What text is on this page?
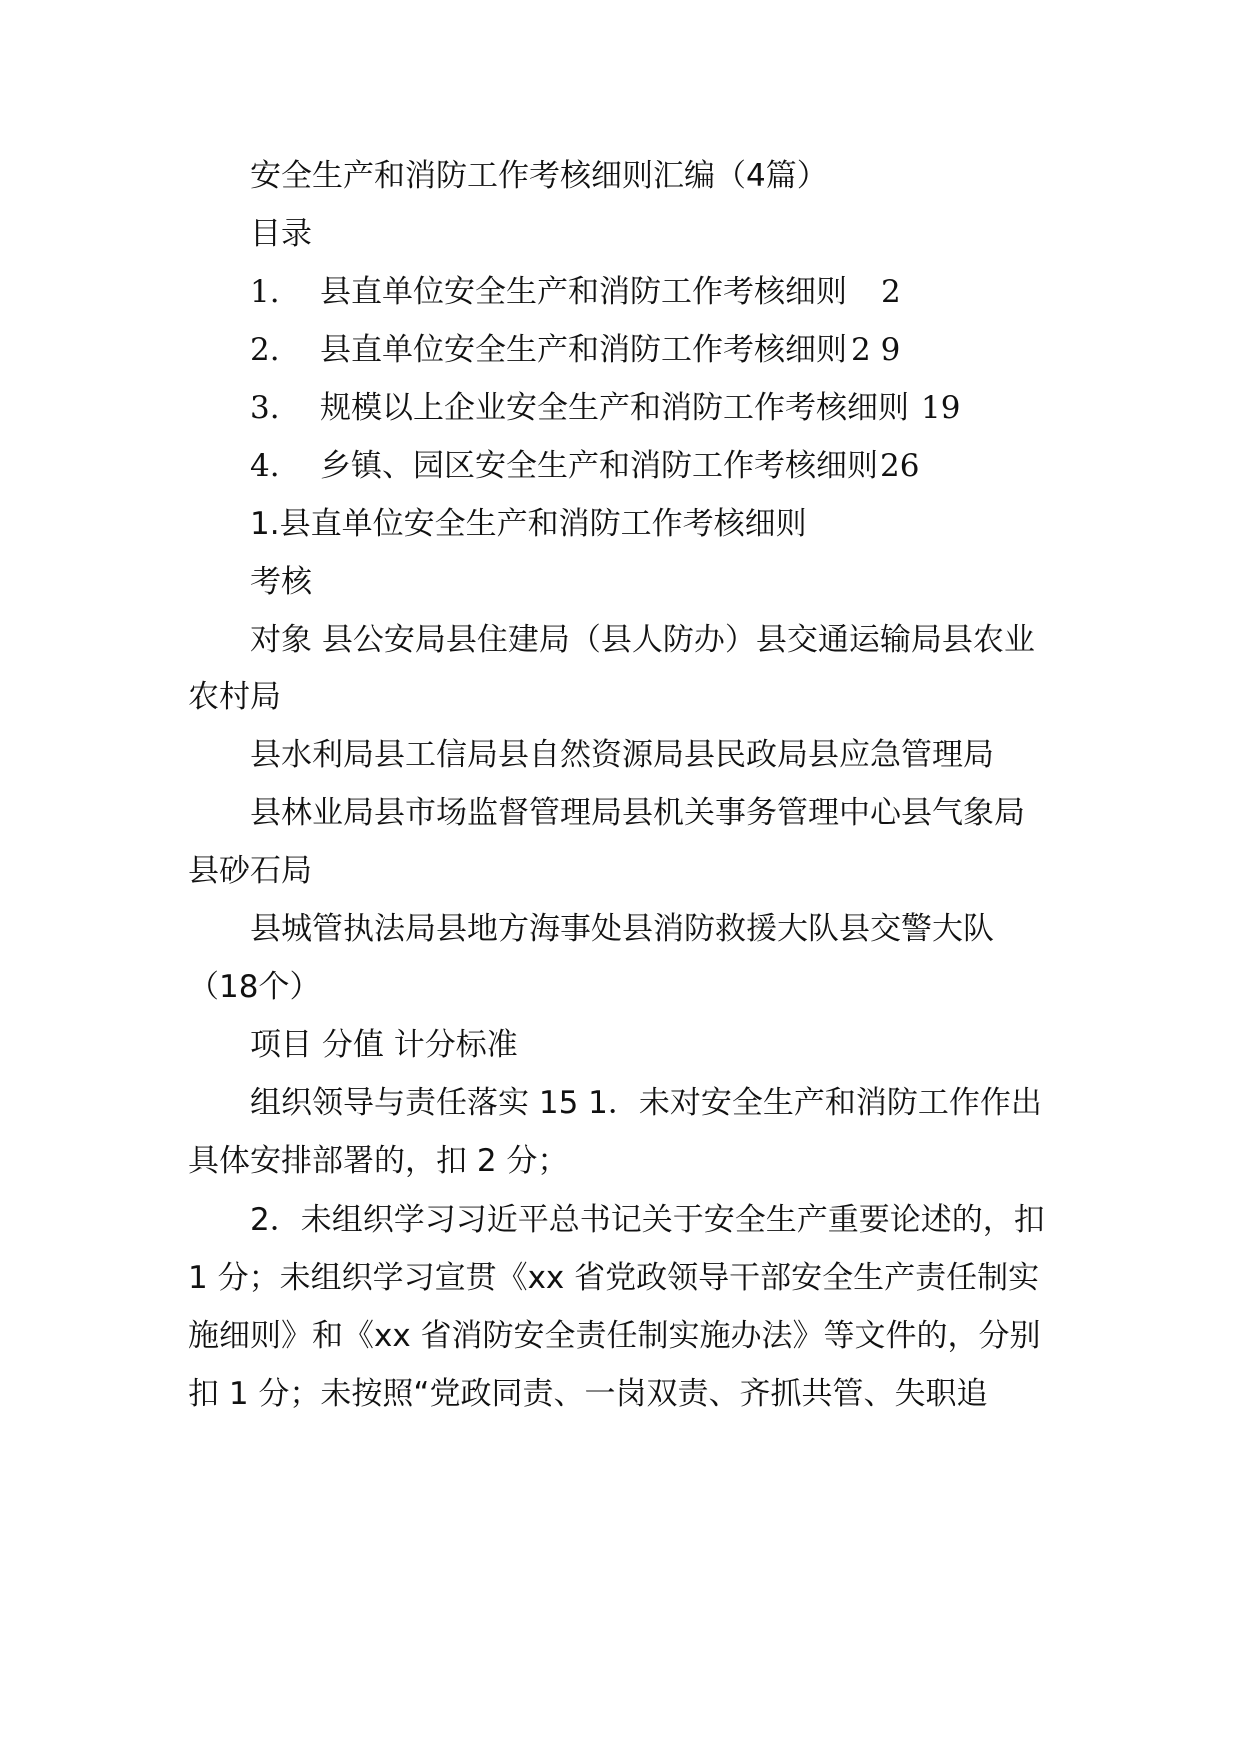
安全生产和消防工作考核细则汇编（4篇）
目录
1. 县直单位安全生产和消防工作考核细则 2
2. 县直单位安全生产和消防工作考核细则 2 9
3. 规模以上企业安全生产和消防工作考核细则 19
4. 乡镇、园区安全生产和消防工作考核细则26
1.县直单位安全生产和消防工作考核细则
考核
对象 县公安局县住建局（县人防办）县交通运输局县农业
农村局
县水利局县工信局县自然资源局县民政局县应急管理局
县林业局县市场监督管理局县机关事务管理中心县气象局
县砂石局
县城管执法局县地方海事处县消防救援大队县交警大队
（18个）
项目 分值 计分标准
组织领导与责任落实 15 1．未对安全生产和消防工作作出
具体安排部署的，扣 2 分；
2．未组织学习习近平总书记关于安全生产重要论述的，扣
1 分；未组织学习宣贯《xx 省党政领导干部安全生产责任制实
施细则》和《xx 省消防安全责任制实施办法》等文件的，分别
扣 1 分；未按照“党政同责、一岗双责、齐抓共管、失职追
